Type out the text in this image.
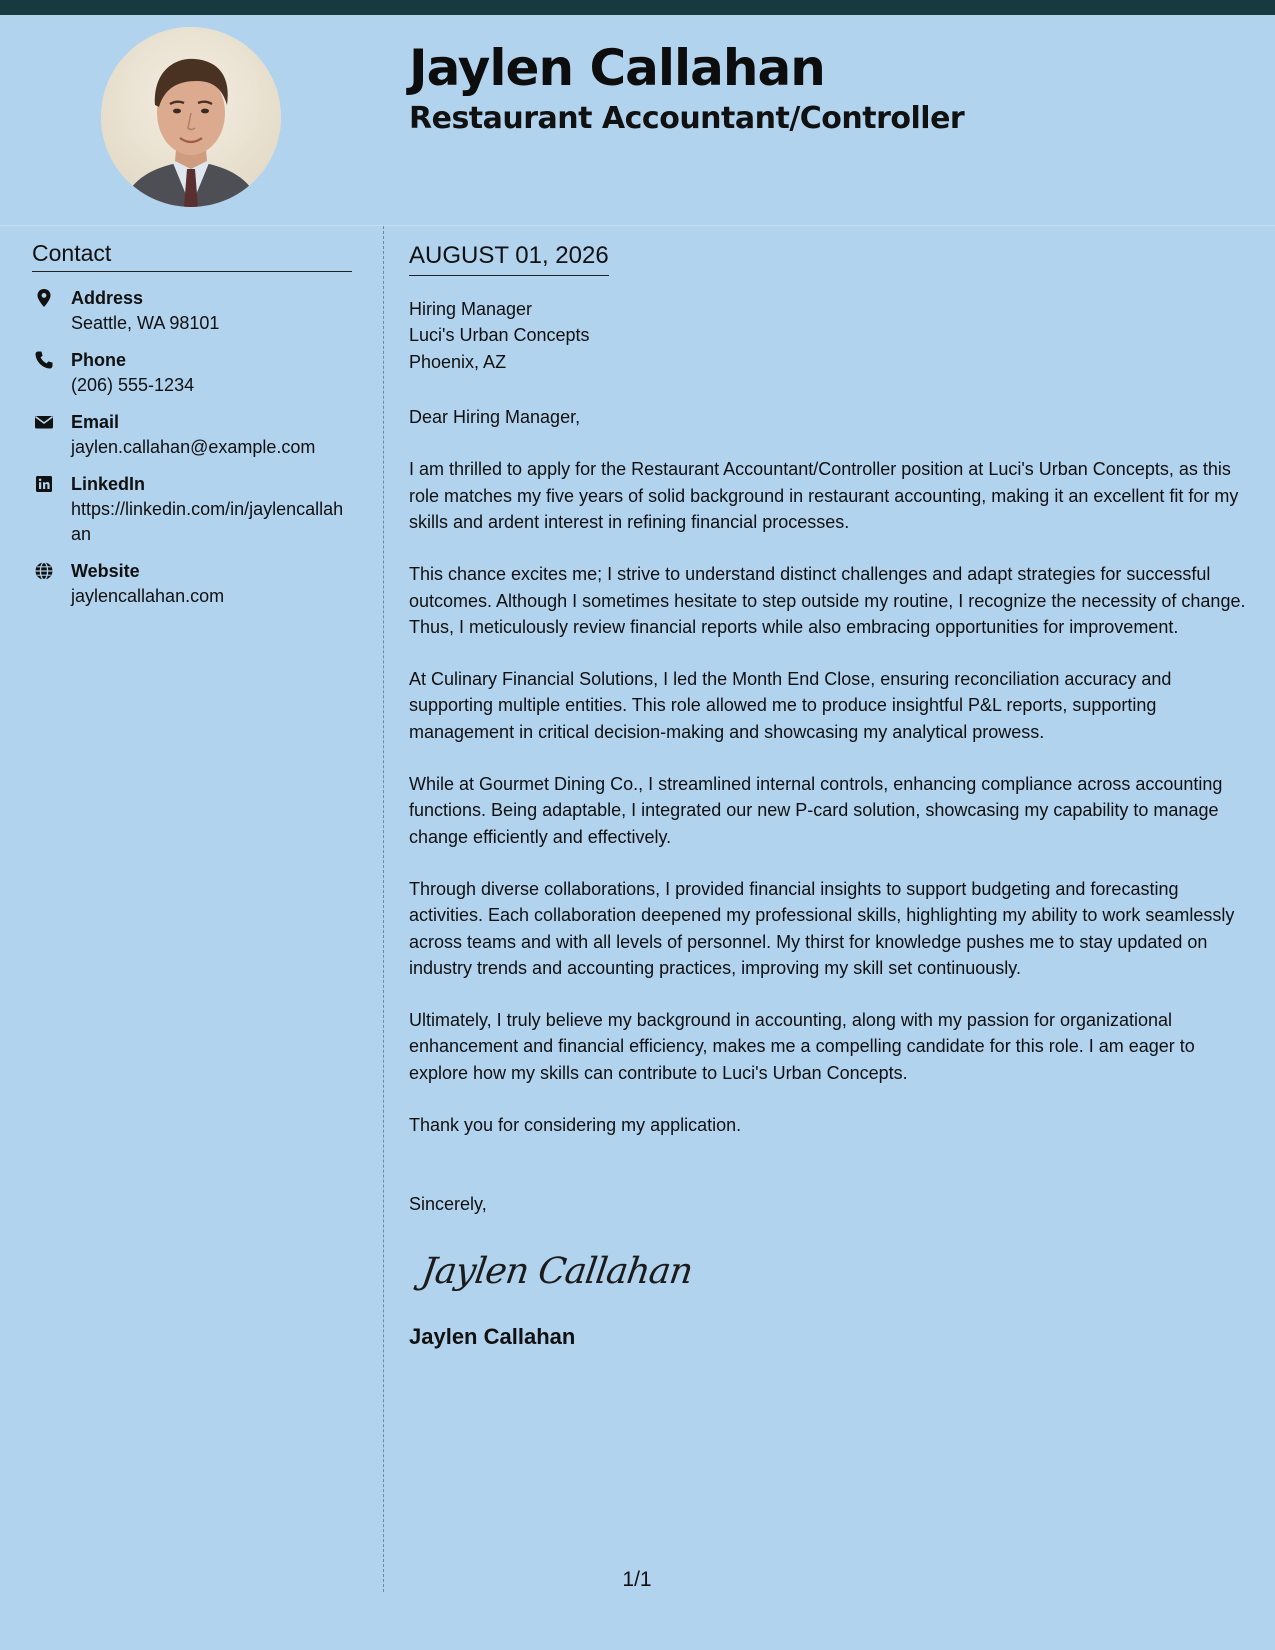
Jaylen Callahan
Restaurant Accountant/Controller
Contact
Address
Seattle, WA 98101
Phone
(206) 555-1234
Email
jaylen.callahan@example.com
LinkedIn
https://linkedin.com/in/jaylencallahan
Website
jaylencallahan.com
AUGUST 01, 2026
Hiring Manager
Luci's Urban Concepts
Phoenix, AZ
Dear Hiring Manager,

I am thrilled to apply for the Restaurant Accountant/Controller position at Luci's Urban Concepts, as this role matches my five years of solid background in restaurant accounting, making it an excellent fit for my skills and ardent interest in refining financial processes.

This chance excites me; I strive to understand distinct challenges and adapt strategies for successful outcomes. Although I sometimes hesitate to step outside my routine, I recognize the necessity of change. Thus, I meticulously review financial reports while also embracing opportunities for improvement.

At Culinary Financial Solutions, I led the Month End Close, ensuring reconciliation accuracy and supporting multiple entities. This role allowed me to produce insightful P&L reports, supporting management in critical decision-making and showcasing my analytical prowess.

While at Gourmet Dining Co., I streamlined internal controls, enhancing compliance across accounting functions. Being adaptable, I integrated our new P-card solution, showcasing my capability to manage change efficiently and effectively.

Through diverse collaborations, I provided financial insights to support budgeting and forecasting activities. Each collaboration deepened my professional skills, highlighting my ability to work seamlessly across teams and with all levels of personnel. My thirst for knowledge pushes me to stay updated on industry trends and accounting practices, improving my skill set continuously.

Ultimately, I truly believe my background in accounting, along with my passion for organizational enhancement and financial efficiency, makes me a compelling candidate for this role. I am eager to explore how my skills can contribute to Luci's Urban Concepts.

Thank you for considering my application.

Sincerely,
Jaylen Callahan
Jaylen Callahan
1/1
